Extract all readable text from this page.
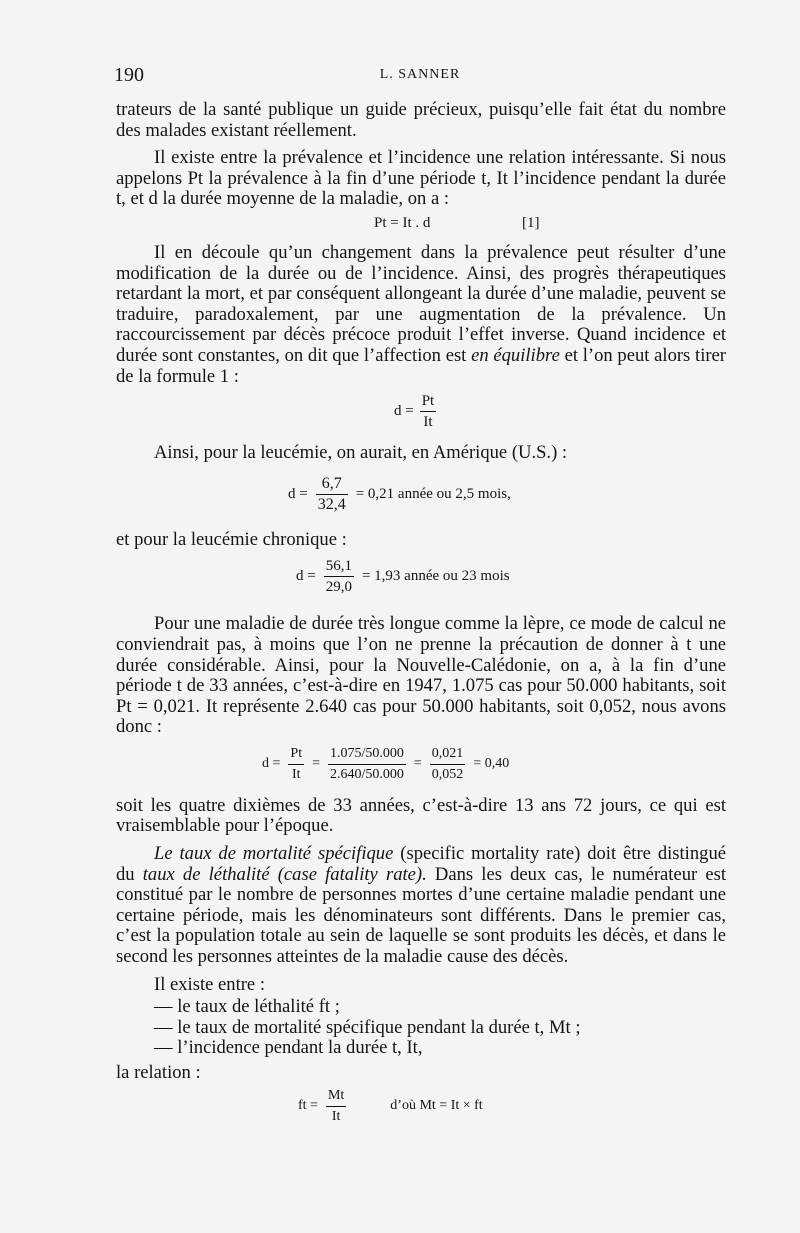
190	L. SANNER

trateurs de la santé publique un guide précieux, puisqu’elle fait état du nombre des malades existant réellement.

Il existe entre la prévalence et l’incidence une relation intéressante. Si nous appelons Pt la prévalence à la fin d’une période t, It l’incidence pendant la durée t, et d la durée moyenne de la maladie, on a :

Pt = It . d	[1]

Il en découle qu’un changement dans la prévalence peut résulter d’une modification de la durée ou de l’incidence. Ainsi, des progrès thérapeutiques retardant la mort, et par conséquent allongeant la durée d’une maladie, peuvent se traduire, paradoxalement, par une augmentation de la prévalence. Un raccourcissement par décès précoce produit l’effet inverse. Quand incidence et durée sont constantes, on dit que l’affection est en équilibre et l’on peut alors tirer de la formule 1 :

$d = \frac{Pt}{It}$

Ainsi, pour la leucémie, on aurait, en Amérique (U.S.) :

$d = \frac{6,7}{32,4} = 0,21$ année ou 2,5 mois,

et pour la leucémie chronique :

$d = \frac{56,1}{29,0} = 1,93$ année ou 23 mois

Pour une maladie de durée très longue comme la lèpre, ce mode de calcul ne conviendrait pas, à moins que l’on ne prenne la précaution de donner à t une durée considérable. Ainsi, pour la Nouvelle-Calédonie, on a, à la fin d’une période t de 33 années, c’est-à-dire en 1947, 1.075 cas pour 50.000 habitants, soit Pt = 0,021. It représente 2.640 cas pour 50.000 habitants, soit 0,052, nous avons donc :

$d = \frac{Pt}{It} = \frac{1.075/50.000}{2.640/50.000} = \frac{0,021}{0,052} = 0,40$

soit les quatre dixièmes de 33 années, c’est-à-dire 13 ans 72 jours, ce qui est vraisemblable pour l’époque.

Le taux de mortalité spécifique (specific mortality rate) doit être distingué du taux de léthalité (case fatality rate). Dans les deux cas, le numérateur est constitué par le nombre de personnes mortes d’une certaine maladie pendant une certaine période, mais les dénominateurs sont différents. Dans le premier cas, c’est la population totale au sein de laquelle se sont produits les décès, et dans le second les personnes atteintes de la maladie cause des décès.

Il existe entre :

— le taux de léthalité ft ;

— le taux de mortalité spécifique pendant la durée t, Mt ;

— l’incidence pendant la durée t, It,

la relation :

ft = $\frac{Mt}{It}$	d’où Mt = It × ft
